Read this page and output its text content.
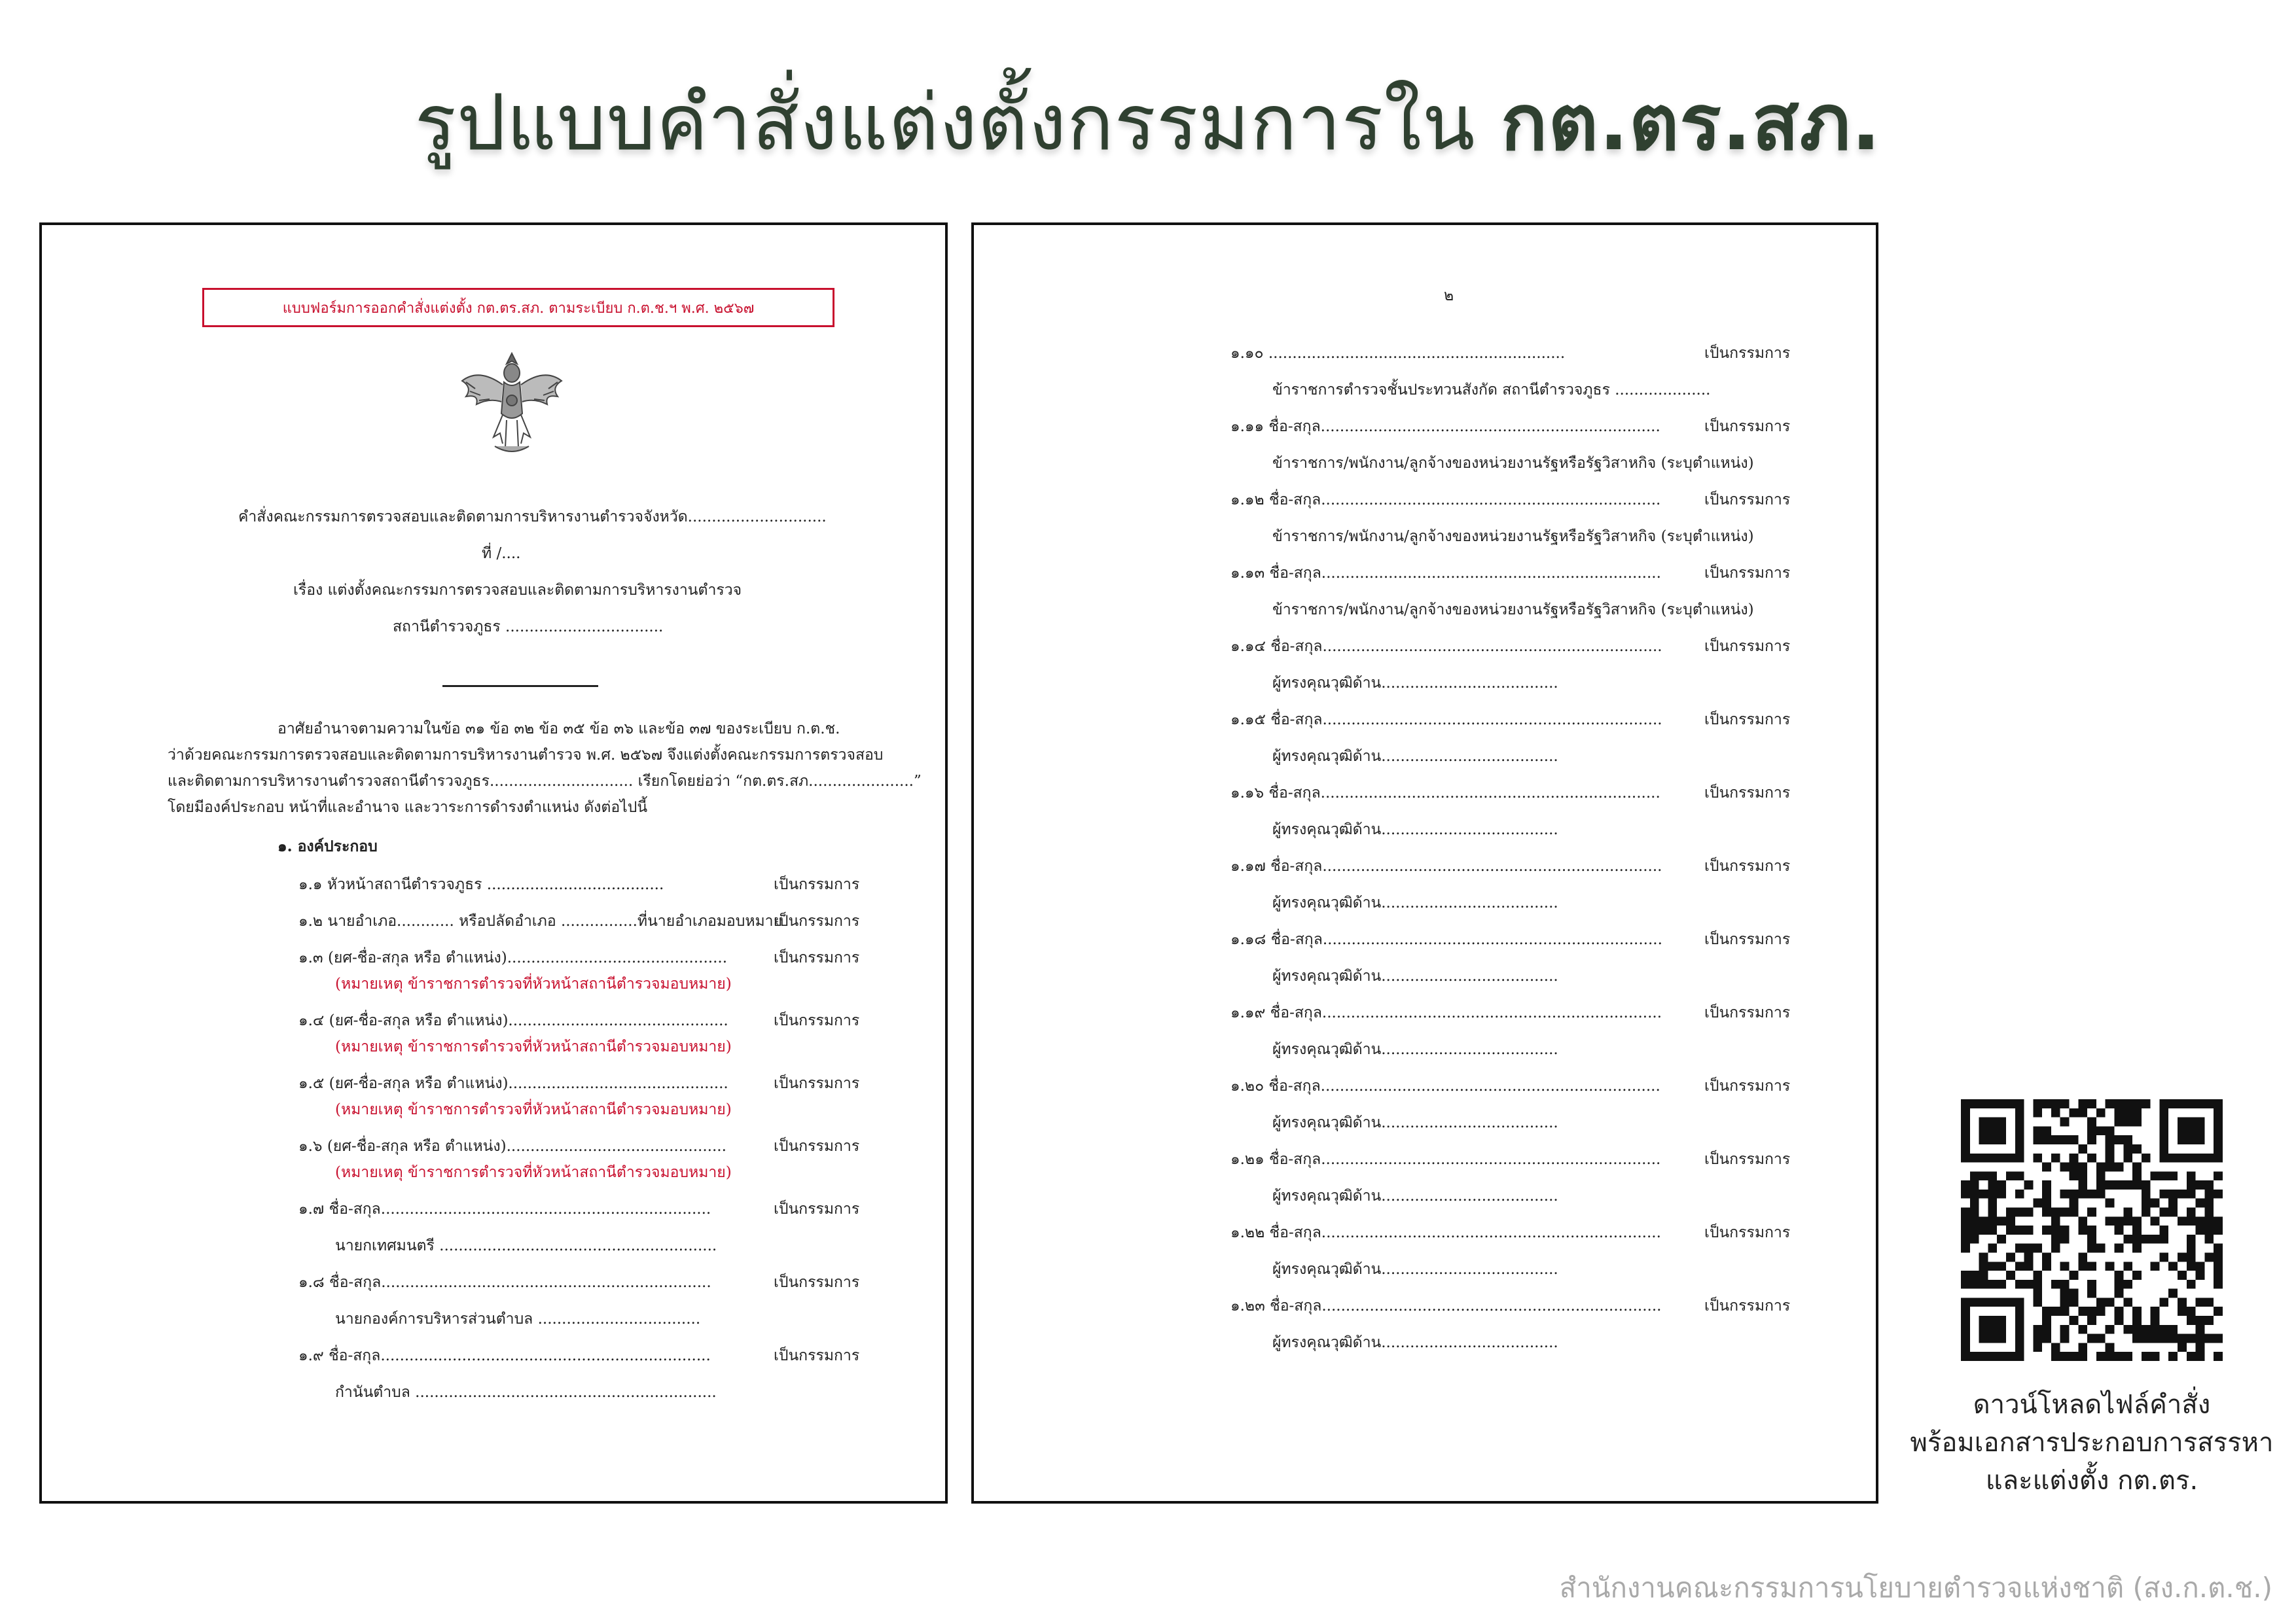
รูปแบบคำสั่งแต่งตั้งกรรมการใน กต.ตร.สภ.
แบบฟอร์มการออกคำสั่งแต่งตั้ง กต.ตร.สภ. ตามระเบียบ ก.ต.ช.ฯ พ.ศ. ๒๕๖๗
คำสั่งคณะกรรมการตรวจสอบและติดตามการบริหารงานตำรวจจังหวัด.............................
ที่ /....
เรื่อง แต่งตั้งคณะกรรมการตรวจสอบและติดตามการบริหารงานตำรวจ
สถานีตำรวจภูธร .................................
อาศัยอำนาจตามความในข้อ ๓๑ ข้อ ๓๒ ข้อ ๓๕ ข้อ ๓๖ และข้อ ๓๗ ของระเบียบ ก.ต.ช.
ว่าด้วยคณะกรรมการตรวจสอบและติดตามการบริหารงานตำรวจ พ.ศ. ๒๕๖๗ จึงแต่งตั้งคณะกรรมการตรวจสอบ
และติดตามการบริหารงานตำรวจสถานีตำรวจภูธร.............................. เรียกโดยย่อว่า “กต.ตร.สภ......................”
โดยมีองค์ประกอบ หน้าที่และอำนาจ และวาระการดำรงตำแหน่ง ดังต่อไปนี้
๑. องค์ประกอบ
๑.๑ หัวหน้าสถานีตำรวจภูธร .....................................	เป็นกรรมการ
๑.๒ นายอำเภอ............ หรือปลัดอำเภอ ................ที่นายอำเภอมอบหมาย
เป็นกรรมการ
๑.๓ (ยศ-ชื่อ-สกุล หรือ ตำแหน่ง)..............................................	เป็นกรรมการ
(หมายเหตุ ข้าราชการตำรวจที่หัวหน้าสถานีตำรวจมอบหมาย)
๑.๔ (ยศ-ชื่อ-สกุล หรือ ตำแหน่ง)..............................................	เป็นกรรมการ
(หมายเหตุ ข้าราชการตำรวจที่หัวหน้าสถานีตำรวจมอบหมาย)
๑.๕ (ยศ-ชื่อ-สกุล หรือ ตำแหน่ง)..............................................	เป็นกรรมการ
(หมายเหตุ ข้าราชการตำรวจที่หัวหน้าสถานีตำรวจมอบหมาย)
๑.๖ (ยศ-ชื่อ-สกุล หรือ ตำแหน่ง)..............................................	เป็นกรรมการ
(หมายเหตุ ข้าราชการตำรวจที่หัวหน้าสถานีตำรวจมอบหมาย)
๑.๗ ชื่อ-สกุล.....................................................................	เป็นกรรมการ
นายกเทศมนตรี ..........................................................
๑.๘ ชื่อ-สกุล.....................................................................	เป็นกรรมการ
นายกองค์การบริหารส่วนตำบล ..................................
๑.๙ ชื่อ-สกุล.....................................................................	เป็นกรรมการ
กำนันตำบล ...............................................................
๒
๑.๑๐ ..............................................................	เป็นกรรมการ
ข้าราชการตำรวจชั้นประทวนสังกัด สถานีตำรวจภูธร ....................
๑.๑๑ ชื่อ-สกุล.......................................................................	เป็นกรรมการ
ข้าราชการ/พนักงาน/ลูกจ้างของหน่วยงานรัฐหรือรัฐวิสาหกิจ (ระบุตำแหน่ง)
๑.๑๒ ชื่อ-สกุล.......................................................................	เป็นกรรมการ
ข้าราชการ/พนักงาน/ลูกจ้างของหน่วยงานรัฐหรือรัฐวิสาหกิจ (ระบุตำแหน่ง)
๑.๑๓ ชื่อ-สกุล.......................................................................	เป็นกรรมการ
ข้าราชการ/พนักงาน/ลูกจ้างของหน่วยงานรัฐหรือรัฐวิสาหกิจ (ระบุตำแหน่ง)
๑.๑๔ ชื่อ-สกุล.......................................................................	เป็นกรรมการ
ผู้ทรงคุณวุฒิด้าน.....................................
๑.๑๕ ชื่อ-สกุล.......................................................................	เป็นกรรมการ
ผู้ทรงคุณวุฒิด้าน.....................................
๑.๑๖ ชื่อ-สกุล.......................................................................	เป็นกรรมการ
ผู้ทรงคุณวุฒิด้าน.....................................
๑.๑๗ ชื่อ-สกุล.......................................................................	เป็นกรรมการ
ผู้ทรงคุณวุฒิด้าน.....................................
๑.๑๘ ชื่อ-สกุล.......................................................................	เป็นกรรมการ
ผู้ทรงคุณวุฒิด้าน.....................................
๑.๑๙ ชื่อ-สกุล.......................................................................	เป็นกรรมการ
ผู้ทรงคุณวุฒิด้าน.....................................
๑.๒๐ ชื่อ-สกุล.......................................................................	เป็นกรรมการ
ผู้ทรงคุณวุฒิด้าน.....................................
๑.๒๑ ชื่อ-สกุล.......................................................................	เป็นกรรมการ
ผู้ทรงคุณวุฒิด้าน.....................................
๑.๒๒ ชื่อ-สกุล.......................................................................	เป็นกรรมการ
ผู้ทรงคุณวุฒิด้าน.....................................
๑.๒๓ ชื่อ-สกุล.......................................................................	เป็นกรรมการ
ผู้ทรงคุณวุฒิด้าน.....................................
ดาวน์โหลดไฟล์คำสั่ง
พร้อมเอกสารประกอบการสรรหา
และแต่งตั้ง กต.ตร.
สำนักงานคณะกรรมการนโยบายตำรวจแห่งชาติ (สง.ก.ต.ช.)
